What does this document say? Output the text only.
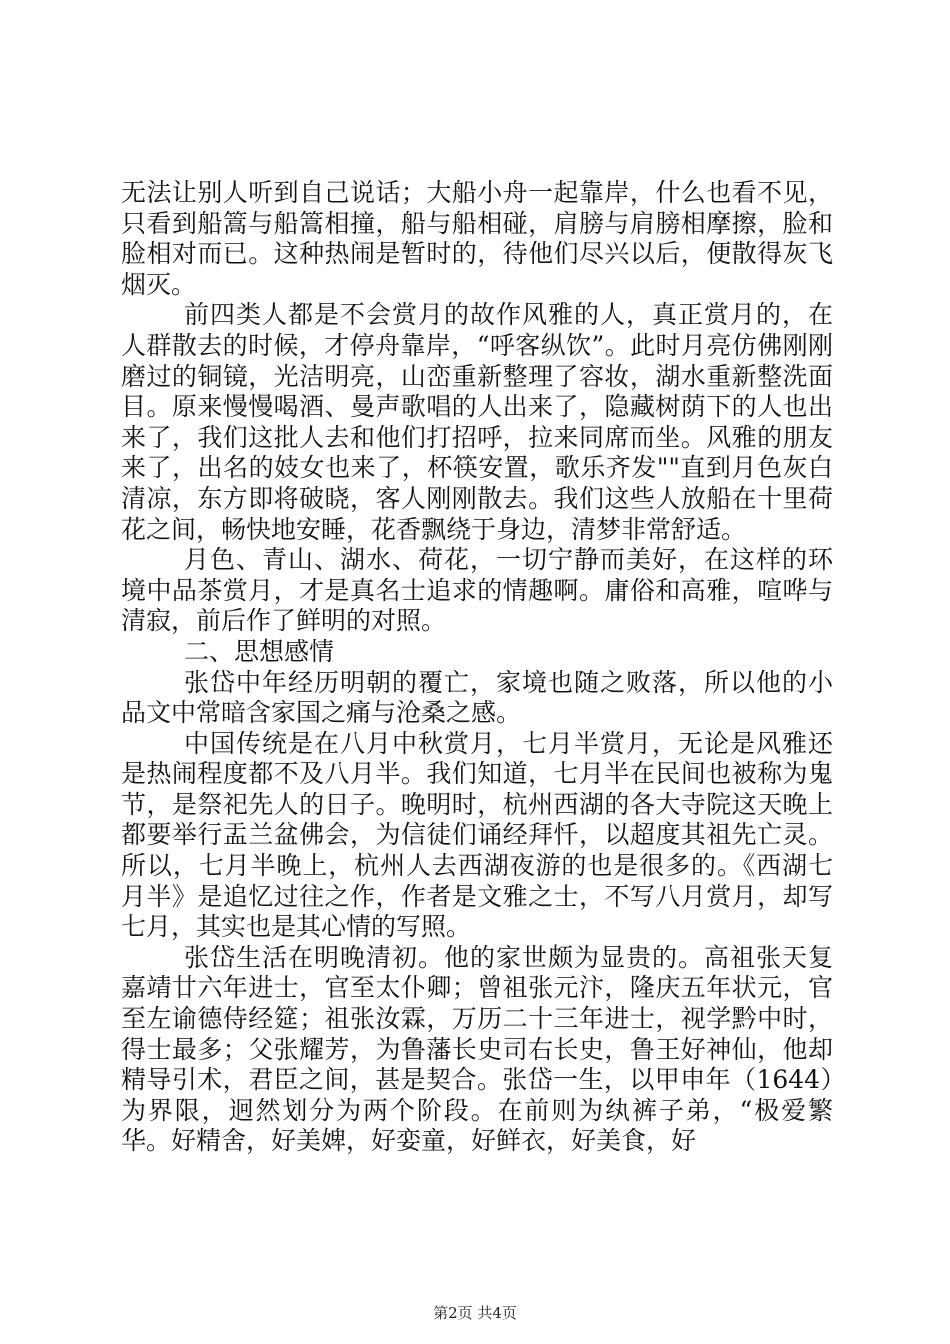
无法让别人听到自己说话；大船小舟一起靠岸，什么也看不见，只看到船篙与船篙相撞，船与船相碰，肩膀与肩膀相摩擦，脸和脸相对而已。这种热闹是暂时的，待他们尽兴以后，便散得灰飞烟灭。

前四类人都是不会赏月的故作风雅的人，真正赏月的，在人群散去的时候，才停舟靠岸，“呼客纵饮”。此时月亮仿佛刚刚磨过的铜镜，光洁明亮，山峦重新整理了容妆，湖水重新整洗面目。原来慢慢喝酒、曼声歌唱的人出来了，隐藏树荫下的人也出来了，我们这批人去和他们打招呼，拉来同席而坐。风雅的朋友来了，出名的妓女也来了，杯筷安置，歌乐齐发""直到月色灰白清凉，东方即将破晓，客人刚刚散去。我们这些人放船在十里荷花之间，畅快地安睡，花香飘绕于身边，清梦非常舒适。

月色、青山、湖水、荷花，一切宁静而美好，在这样的环境中品茶赏月，才是真名士追求的情趣啊。庸俗和高雅，喧哗与清寂，前后作了鲜明的对照。

二、思想感情

张岱中年经历明朝的覆亡，家境也随之败落，所以他的小品文中常暗含家国之痛与沧桑之感。

中国传统是在八月中秋赏月，七月半赏月，无论是风雅还是热闹程度都不及八月半。我们知道，七月半在民间也被称为鬼节，是祭祀先人的日子。晚明时，杭州西湖的各大寺院这天晚上都要举行盂兰盆佛会，为信徒们诵经拜忏，以超度其祖先亡灵。所以，七月半晚上，杭州人去西湖夜游的也是很多的。《西湖七月半》是追忆过往之作，作者是文雅之士，不写八月赏月，却写七月，其实也是其心情的写照。

张岱生活在明晚清初。他的家世颇为显贵的。高祖张天复嘉靖廿六年进士，官至太仆卿；曾祖张元汴，隆庆五年状元，官至左谕德侍经筵；祖张汝霖，万历二十三年进士，视学黔中时，得士最多；父张耀芳，为鲁藩长史司右长史，鲁王好神仙，他却精导引术，君臣之间，甚是契合。张岱一生，以甲申年（1644）为界限，迥然划分为两个阶段。在前则为纨裤子弟，“极爱繁华。好精舍，好美婢，好娈童，好鲜衣，好美食，好

第2页 共4页
